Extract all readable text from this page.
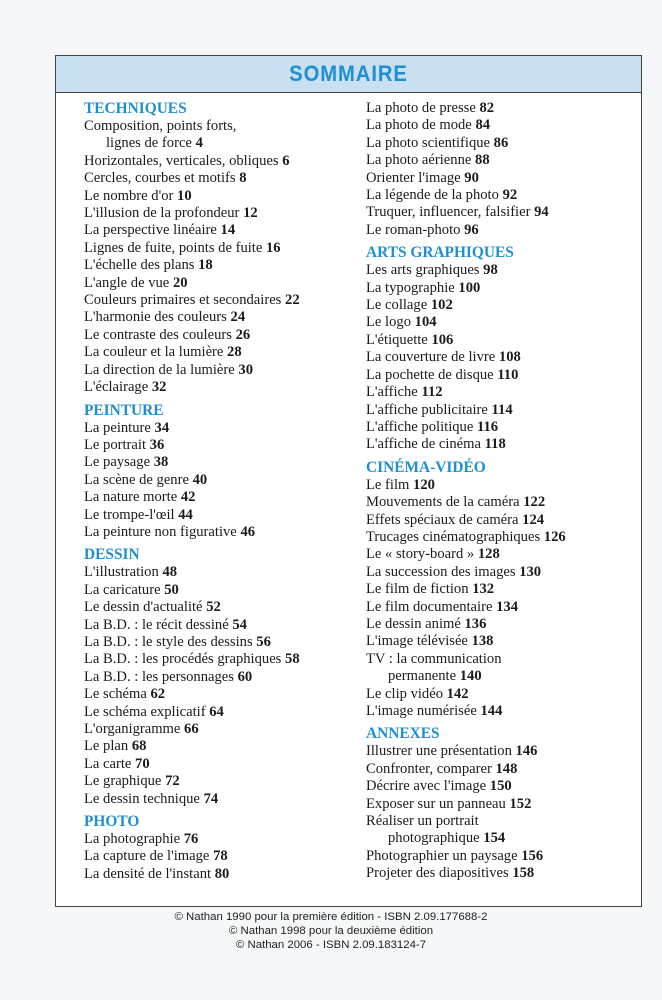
SOMMAIRE
TECHNIQUES
Composition, points forts,
lignes de force 4
Horizontales, verticales, obliques 6
Cercles, courbes et motifs 8
Le nombre d'or 10
L'illusion de la profondeur 12
La perspective linéaire 14
Lignes de fuite, points de fuite 16
L'échelle des plans 18
L'angle de vue 20
Couleurs primaires et secondaires 22
L'harmonie des couleurs 24
Le contraste des couleurs 26
La couleur et la lumière 28
La direction de la lumière 30
L'éclairage 32
PEINTURE
La peinture 34
Le portrait 36
Le paysage 38
La scène de genre 40
La nature morte 42
Le trompe-l'œil 44
La peinture non figurative 46
DESSIN
L'illustration 48
La caricature 50
Le dessin d'actualité 52
La B.D. : le récit dessiné 54
La B.D. : le style des dessins 56
La B.D. : les procédés graphiques 58
La B.D. : les personnages 60
Le schéma 62
Le schéma explicatif 64
L'organigramme 66
Le plan 68
La carte 70
Le graphique 72
Le dessin technique 74
PHOTO
La photographie 76
La capture de l'image 78
La densité de l'instant 80
La photo de presse 82
La photo de mode 84
La photo scientifique 86
La photo aérienne 88
Orienter l'image 90
La légende de la photo 92
Truquer, influencer, falsifier 94
Le roman-photo 96
ARTS GRAPHIQUES
Les arts graphiques 98
La typographie 100
Le collage 102
Le logo 104
L'étiquette 106
La couverture de livre 108
La pochette de disque 110
L'affiche 112
L'affiche publicitaire 114
L'affiche politique 116
L'affiche de cinéma 118
CINÉMA-VIDÉO
Le film 120
Mouvements de la caméra 122
Effets spéciaux de caméra 124
Trucages cinématographiques 126
Le « story-board » 128
La succession des images 130
Le film de fiction 132
Le film documentaire 134
Le dessin animé 136
L'image télévisée 138
TV : la communication
permanente 140
Le clip vidéo 142
L'image numérisée 144
ANNEXES
Illustrer une présentation 146
Confronter, comparer 148
Décrire avec l'image 150
Exposer sur un panneau 152
Réaliser un portrait
photographique 154
Photographier un paysage 156
Projeter des diapositives 158
© Nathan 1990 pour la première édition - ISBN 2.09.177688-2
© Nathan 1998 pour la deuxième édition
© Nathan 2006 - ISBN 2.09.183124-7
